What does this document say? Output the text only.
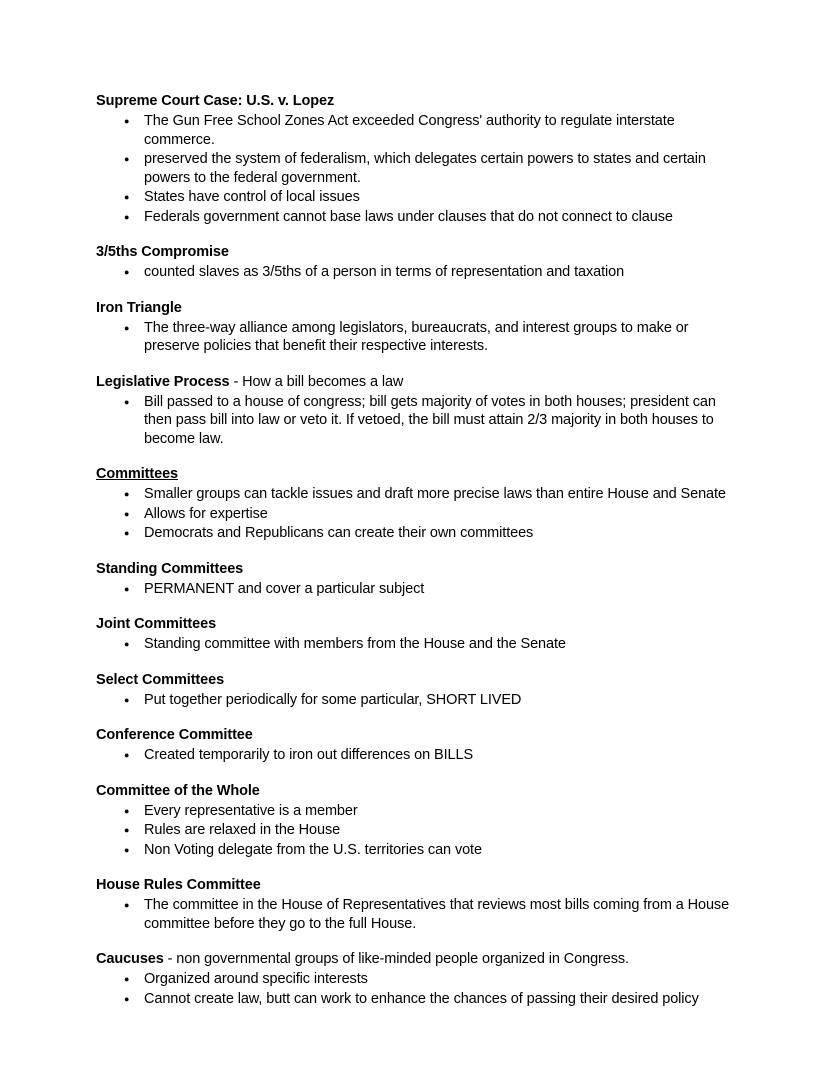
Supreme Court Case: U.S. v. Lopez
● The Gun Free School Zones Act exceeded Congress' authority to regulate interstate commerce.
● preserved the system of federalism, which delegates certain powers to states and certain powers to the federal government.
● States have control of local issues
● Federals government cannot base laws under clauses that do not connect to clause
3/5ths Compromise
● counted slaves as 3/5ths of a person in terms of representation and taxation
Iron Triangle
● The three-way alliance among legislators, bureaucrats, and interest groups to make or preserve policies that benefit their respective interests.
Legislative Process - How a bill becomes a law
● Bill passed to a house of congress; bill gets majority of votes in both houses; president can then pass bill into law or veto it. If vetoed, the bill must attain 2/3 majority in both houses to become law.
Committees
● Smaller groups can tackle issues and draft more precise laws than entire House and Senate
● Allows for expertise
● Democrats and Republicans can create their own committees
Standing Committees
● PERMANENT and cover a particular subject
Joint Committees
● Standing committee with members from the House and the Senate
Select Committees
● Put together periodically for some particular, SHORT LIVED
Conference Committee
● Created temporarily to iron out differences on BILLS
Committee of the Whole
● Every representative is a member
● Rules are relaxed in the House
● Non Voting delegate from the U.S. territories can vote
House Rules Committee
● The committee in the House of Representatives that reviews most bills coming from a House committee before they go to the full House.
Caucuses - non governmental groups of like-minded people organized in Congress.
● Organized around specific interests
● Cannot create law, butt can work to enhance the chances of passing their desired policy
